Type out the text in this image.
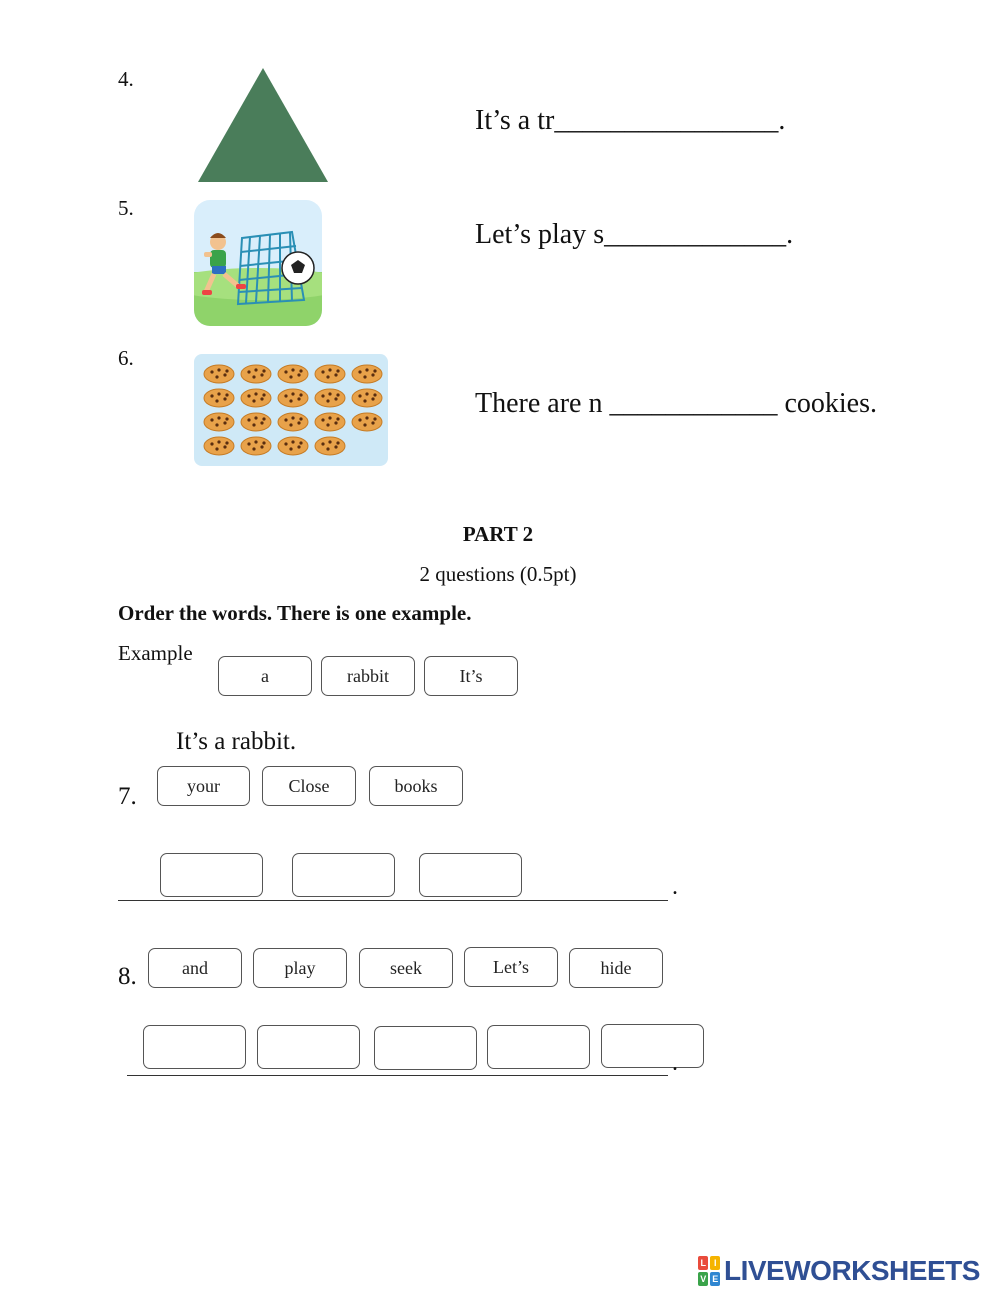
4.
It’s a tr________________.
5.
Let’s play s_____________.
6.
There are n ____________ cookies.
PART 2
2 questions (0.5pt)
Order the words. There is one example.
Example
a	rabbit	It’s
It’s a rabbit.
7.	your	Close	books
.
8.	and	play	seek	Let’s	hide
.
L I
V E LIVEWORKSHEETS
